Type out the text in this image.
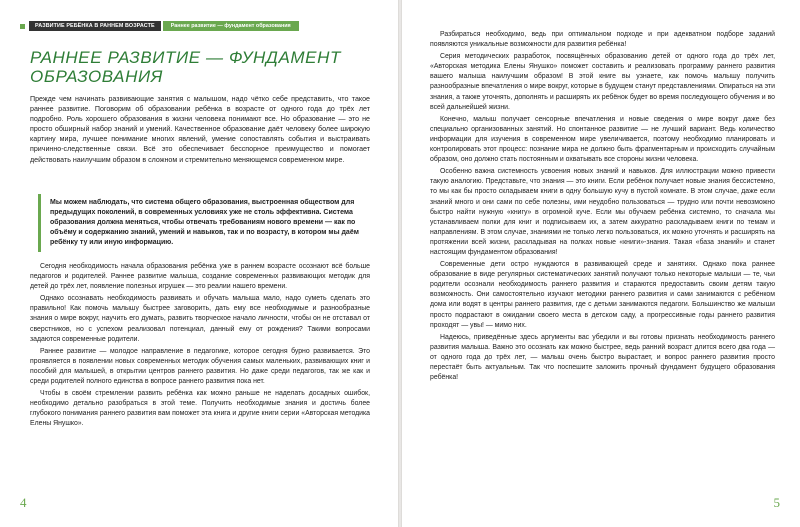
РАЗВИТИЕ РЕБЁНКА В РАННЕМ ВОЗРАСТЕ	Раннее развитие — фундамент образования
РАННЕЕ РАЗВИТИЕ — ФУНДАМЕНТ ОБРАЗОВАНИЯ

Прежде чем начинать развивающие занятия с малышом, надо чётко себе представить, что такое раннее развитие. Поговорим об образовании ребёнка в возрасте от одного года до трёх лет подробно. Роль хорошего образования в жизни человека понимают все. Но образование — это не просто обширный набор знаний и умений. Качественное образование даёт человеку более широкую картину мира, лучшее понимание многих явлений, умение сопоставлять события и выстраивать причинно-следственные связи. Всё это обеспечивает бесспорное преимущество и помогает действовать наилучшим образом в сложном и стремительно меняющемся современном мире.

Мы можем наблюдать, что система общего образования, выстроенная обществом для предыдущих поколений, в современных условиях уже не столь эффективна. Система образования должна меняться, чтобы отвечать требованиям нового времени — как по объёму и содержанию знаний, умений и навыков, так и по возрасту, в котором мы даём ребёнку ту или иную информацию.

Сегодня необходимость начала образования ребёнка уже в раннем возрасте осознают всё больше педагогов и родителей. Раннее развитие малыша, создание современных развивающих методик для детей до трёх лет, появление полезных игрушек — это реалии нашего времени.

Однако осознавать необходимость развивать и обучать малыша мало, надо суметь сделать это правильно! Как помочь малышу быстрее заговорить, дать ему все необходимые и разнообразные знания о мире вокруг, научить его думать, развить творческое начало личности, чтобы он не отставал от сверстников, но с успехом реализовал потенциал, данный ему от рождения? Такими вопросами задаются современные родители.

Раннее развитие — молодое направление в педагогике, которое сегодня бурно развивается. Это проявляется в появлении новых современных методик обучения самых маленьких, развивающих книг и пособий для малышей, в открытии центров раннего развития. Но даже среди педагогов, так же как и среди родителей полного единства в вопросе раннего развития пока нет.

Чтобы в своём стремлении развить ребёнка как можно раньше не наделать досадных ошибок, необходимо детально разобраться в этой теме. Получить необходимые знания и достичь более глубокого понимания раннего развития вам поможет эта книга и другие книги серии «Авторская методика Елены Янушко».

4

Разбираться необходимо, ведь при оптимальном подходе и при адекватном подборе заданий появляются уникальные возможности для развития ребёнка!

Серия методических разработок, посвящённых образованию детей от одного года до трёх лет, «Авторская методика Елены Янушко» поможет составить и реализовать программу раннего развития вашего малыша наилучшим образом! В этой книге вы узнаете, как помочь малышу получить разнообразные впечатления о мире вокруг, которые в будущем станут представлениями. Опираться на эти знания, а также уточнять, дополнять и расширять их ребёнок будет во время последующего обучения и во всей дальнейшей жизни.

Конечно, малыш получает сенсорные впечатления и новые сведения о мире вокруг даже без специально организованных занятий. Но спонтанное развитие — не лучший вариант. Ведь количество информации для изучения в современном мире увеличивается, поэтому необходимо планировать и контролировать этот процесс: познание мира не должно быть фрагментарным и происходить случайным образом, оно должно стать постоянным и охватывать все стороны жизни человека.

Особенно важна системность усвоения новых знаний и навыков. Для иллюстрации можно привести такую аналогию. Представьте, что знания — это книги. Если ребёнок получает новые знания бессистемно, то мы как бы просто складываем книги в одну большую кучу в пустой комнате. В этом случае, даже если знаний много и они сами по себе полезны, ими неудобно пользоваться — трудно или почти невозможно быстро найти нужную «книгу» в огромной куче. Если мы обучаем ребёнка системно, то сначала мы устанавливаем полки для книг и подписываем их, а затем аккуратно раскладываем книги по темам и направлениям. В этом случае, знаниями не только легко пользоваться, их можно уточнять и расширять на протяжении всей жизни, раскладывая на полках новые «книги»-знания. Такая «база знаний» и станет настоящим фундаментом образования!

Современные дети остро нуждаются в развивающей среде и занятиях. Однако пока раннее образование в виде регулярных систематических занятий получают только некоторые малыши — те, чьи родители осознали необходимость раннего развития и стараются предоставить своим детям такую возможность. Они самостоятельно изучают методики раннего развития и сами занимаются с ребёнком дома или водят в центры раннего развития, где с детьми занимаются педагоги. Большинство же малыши просто подрастают в ожидании своего места в детском саду, а прогрессивные годы раннего развития проходят — увы! — мимо них.

Надеюсь, приведённые здесь аргументы вас убедили и вы готовы признать необходимость раннего развития малыша. Важно это осознать как можно быстрее, ведь ранний возраст длится всего два года — от одного года до трёх лет, — малыш очень быстро вырастает, и вопрос раннего развития просто перестаёт быть актуальным. Так что поспешите заложить прочный фундамент будущего образования ребёнка!

5
